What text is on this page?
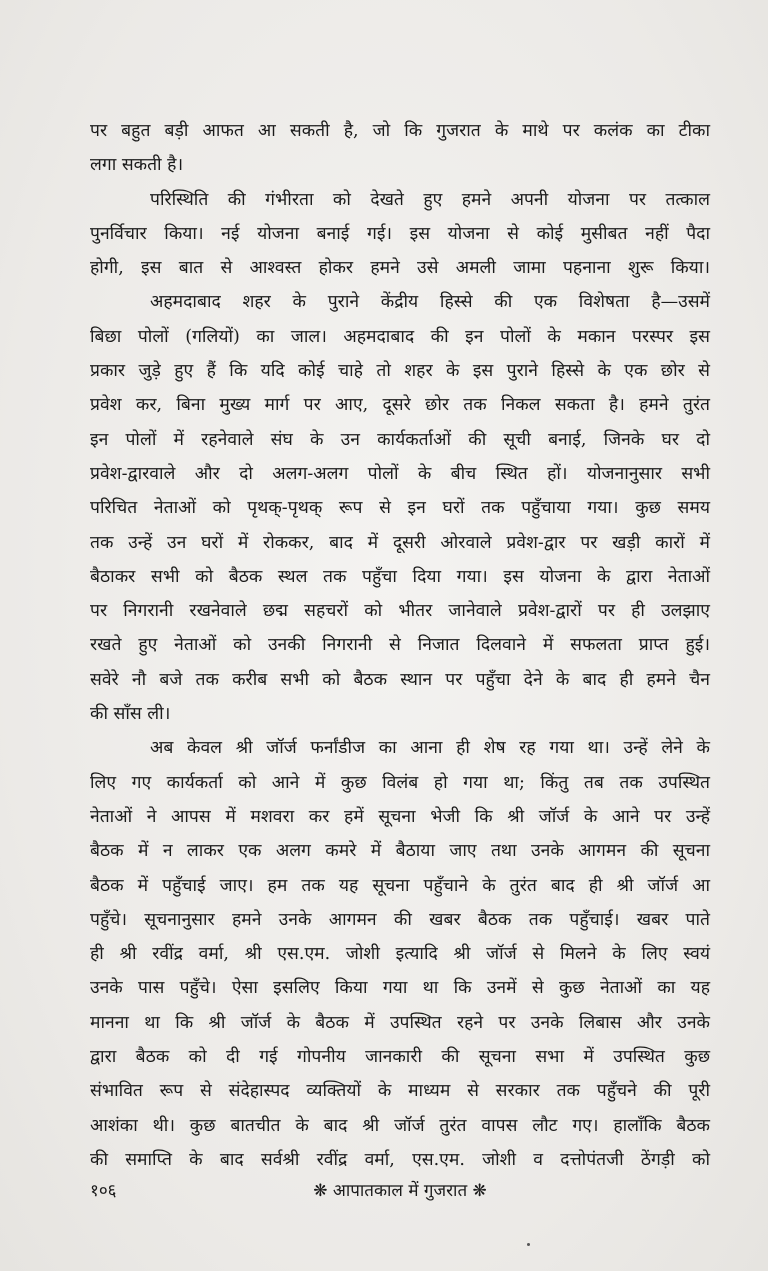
पर बहुत बड़ी आफत आ सकती है, जो कि गुजरात के माथे पर कलंक का टीका
लगा सकती है।
परिस्थिति की गंभीरता को देखते हुए हमने अपनी योजना पर तत्काल
पुनर्विचार किया। नई योजना बनाई गई। इस योजना से कोई मुसीबत नहीं पैदा
होगी, इस बात से आश्वस्त होकर हमने उसे अमली जामा पहनाना शुरू किया।
अहमदाबाद शहर के पुराने केंद्रीय हिस्से की एक विशेषता है—उसमें
बिछा पोलों (गलियों) का जाल। अहमदाबाद की इन पोलों के मकान परस्पर इस
प्रकार जुड़े हुए हैं कि यदि कोई चाहे तो शहर के इस पुराने हिस्से के एक छोर से
प्रवेश कर, बिना मुख्य मार्ग पर आए, दूसरे छोर तक निकल सकता है। हमने तुरंत
इन पोलों में रहनेवाले संघ के उन कार्यकर्ताओं की सूची बनाई, जिनके घर दो
प्रवेश-द्वारवाले और दो अलग-अलग पोलों के बीच स्थित हों। योजनानुसार सभी
परिचित नेताओं को पृथक्-पृथक् रूप से इन घरों तक पहुँचाया गया। कुछ समय
तक उन्हें उन घरों में रोककर, बाद में दूसरी ओरवाले प्रवेश-द्वार पर खड़ी कारों में
बैठाकर सभी को बैठक स्थल तक पहुँचा दिया गया। इस योजना के द्वारा नेताओं
पर निगरानी रखनेवाले छद्म सहचरों को भीतर जानेवाले प्रवेश-द्वारों पर ही उलझाए
रखते हुए नेताओं को उनकी निगरानी से निजात दिलवाने में सफलता प्राप्त हुई।
सवेरे नौ बजे तक करीब सभी को बैठक स्थान पर पहुँचा देने के बाद ही हमने चैन
की साँस ली।
अब केवल श्री जॉर्ज फर्नांडीज का आना ही शेष रह गया था। उन्हें लेने के
लिए गए कार्यकर्ता को आने में कुछ विलंब हो गया था; किंतु तब तक उपस्थित
नेताओं ने आपस में मशवरा कर हमें सूचना भेजी कि श्री जॉर्ज के आने पर उन्हें
बैठक में न लाकर एक अलग कमरे में बैठाया जाए तथा उनके आगमन की सूचना
बैठक में पहुँचाई जाए। हम तक यह सूचना पहुँचाने के तुरंत बाद ही श्री जॉर्ज आ
पहुँचे। सूचनानुसार हमने उनके आगमन की खबर बैठक तक पहुँचाई। खबर पाते
ही श्री रवींद्र वर्मा, श्री एस.एम. जोशी इत्यादि श्री जॉर्ज से मिलने के लिए स्वयं
उनके पास पहुँचे। ऐसा इसलिए किया गया था कि उनमें से कुछ नेताओं का यह
मानना था कि श्री जॉर्ज के बैठक में उपस्थित रहने पर उनके लिबास और उनके
द्वारा बैठक को दी गई गोपनीय जानकारी की सूचना सभा में उपस्थित कुछ
संभावित रूप से संदेहास्पद व्यक्तियों के माध्यम से सरकार तक पहुँचने की पूरी
आशंका थी। कुछ बातचीत के बाद श्री जॉर्ज तुरंत वापस लौट गए। हालाँकि बैठक
की समाप्ति के बाद सर्वश्री रवींद्र वर्मा, एस.एम. जोशी व दत्तोपंतजी ठेंगड़ी को
१०६	❋ आपातकाल में गुजरात ❋
